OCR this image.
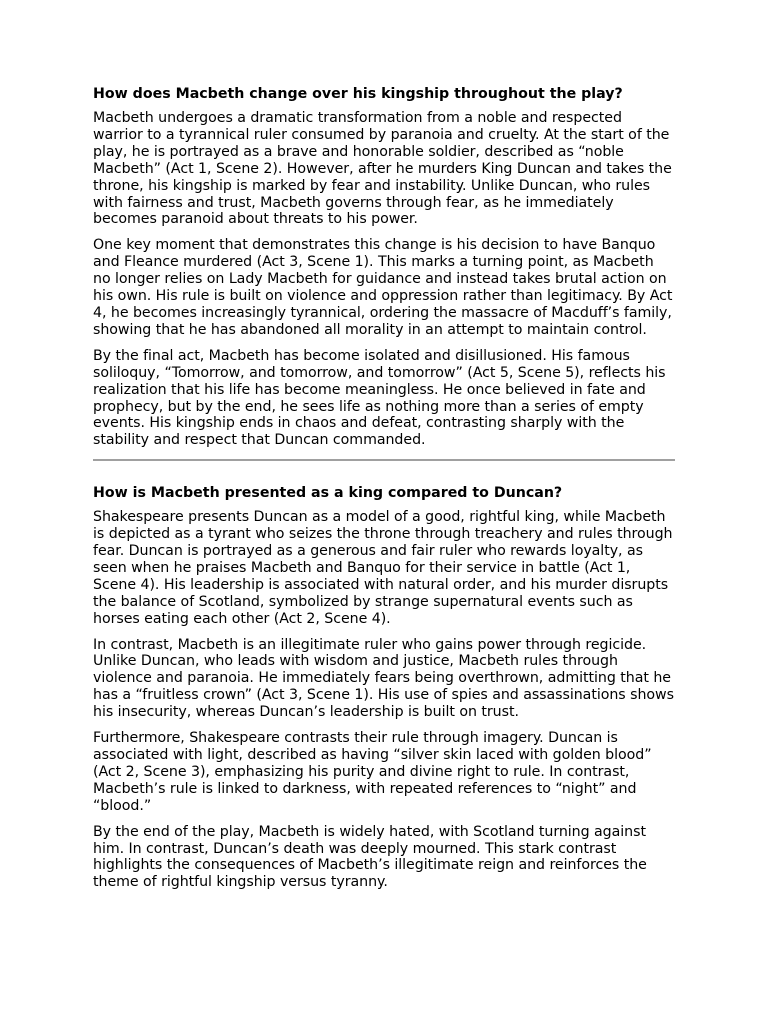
How does Macbeth change over his kingship throughout the play?

Macbeth undergoes a dramatic transformation from a noble and respected warrior to a tyrannical ruler consumed by paranoia and cruelty. At the start of the play, he is portrayed as a brave and honorable soldier, described as “noble Macbeth” (Act 1, Scene 2). However, after he murders King Duncan and takes the throne, his kingship is marked by fear and instability. Unlike Duncan, who rules with fairness and trust, Macbeth governs through fear, as he immediately becomes paranoid about threats to his power.

One key moment that demonstrates this change is his decision to have Banquo and Fleance murdered (Act 3, Scene 1). This marks a turning point, as Macbeth no longer relies on Lady Macbeth for guidance and instead takes brutal action on his own. His rule is built on violence and oppression rather than legitimacy. By Act 4, he becomes increasingly tyrannical, ordering the massacre of Macduff’s family, showing that he has abandoned all morality in an attempt to maintain control.

By the final act, Macbeth has become isolated and disillusioned. His famous soliloquy, “Tomorrow, and tomorrow, and tomorrow” (Act 5, Scene 5), reflects his realization that his life has become meaningless. He once believed in fate and prophecy, but by the end, he sees life as nothing more than a series of empty events. His kingship ends in chaos and defeat, contrasting sharply with the stability and respect that Duncan commanded.

How is Macbeth presented as a king compared to Duncan?

Shakespeare presents Duncan as a model of a good, rightful king, while Macbeth is depicted as a tyrant who seizes the throne through treachery and rules through fear. Duncan is portrayed as a generous and fair ruler who rewards loyalty, as seen when he praises Macbeth and Banquo for their service in battle (Act 1, Scene 4). His leadership is associated with natural order, and his murder disrupts the balance of Scotland, symbolized by strange supernatural events such as horses eating each other (Act 2, Scene 4).

In contrast, Macbeth is an illegitimate ruler who gains power through regicide. Unlike Duncan, who leads with wisdom and justice, Macbeth rules through violence and paranoia. He immediately fears being overthrown, admitting that he has a “fruitless crown” (Act 3, Scene 1). His use of spies and assassinations shows his insecurity, whereas Duncan’s leadership is built on trust.

Furthermore, Shakespeare contrasts their rule through imagery. Duncan is associated with light, described as having “silver skin laced with golden blood” (Act 2, Scene 3), emphasizing his purity and divine right to rule. In contrast, Macbeth’s rule is linked to darkness, with repeated references to “night” and “blood.”

By the end of the play, Macbeth is widely hated, with Scotland turning against him. In contrast, Duncan’s death was deeply mourned. This stark contrast highlights the consequences of Macbeth’s illegitimate reign and reinforces the theme of rightful kingship versus tyranny.
